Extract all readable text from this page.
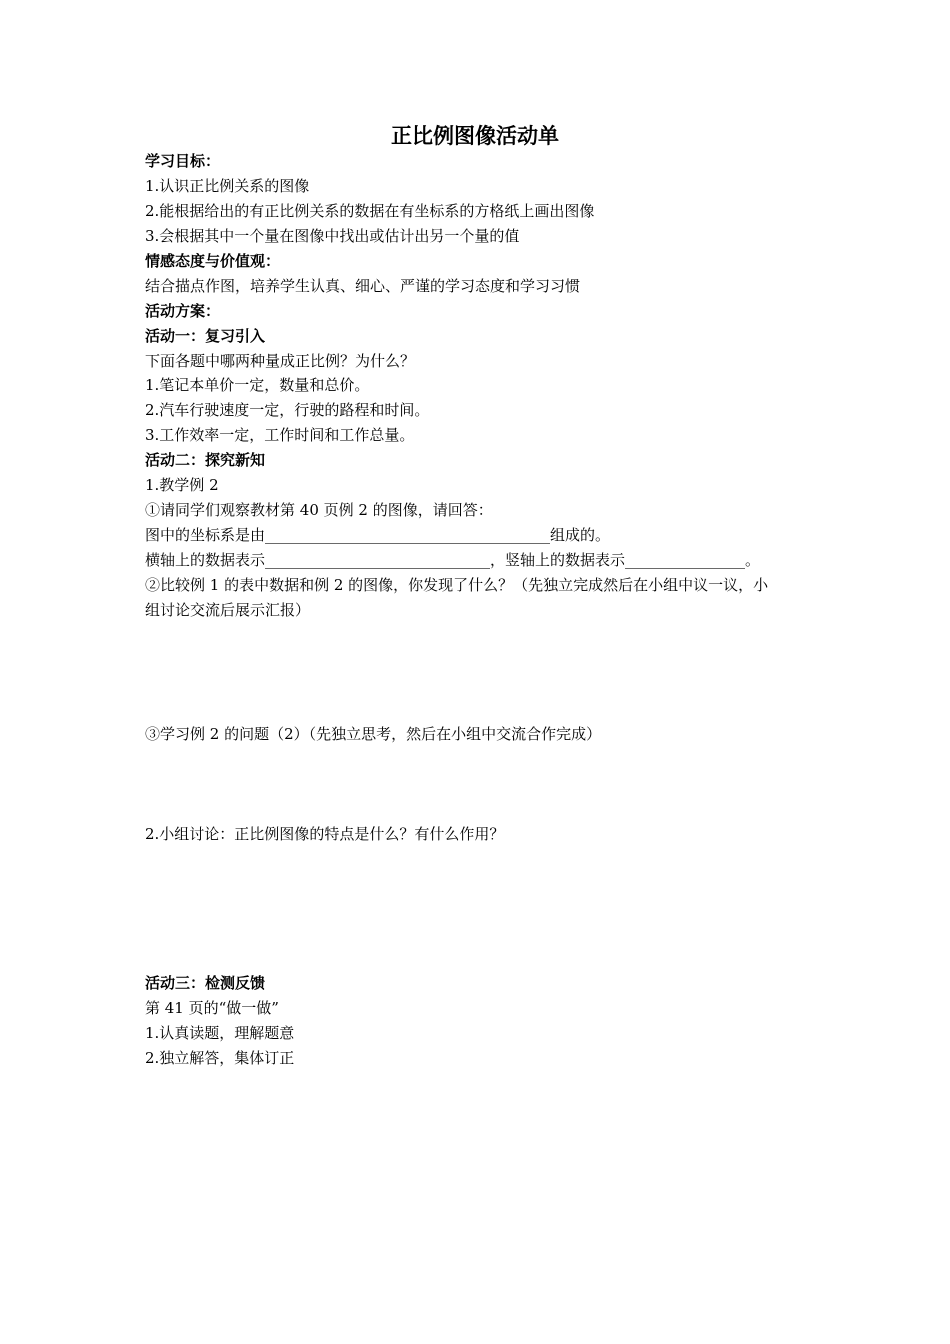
正比例图像活动单
学习目标：
1.认识正比例关系的图像
2.能根据给出的有正比例关系的数据在有坐标系的方格纸上画出图像
3.会根据其中一个量在图像中找出或估计出另一个量的值
情感态度与价值观：
结合描点作图，培养学生认真、细心、严谨的学习态度和学习习惯
活动方案：
活动一：复习引入
下面各题中哪两种量成正比例？为什么？
1.笔记本单价一定，数量和总价。
2.汽车行驶速度一定，行驶的路程和时间。
3.工作效率一定，工作时间和工作总量。
活动二：探究新知
1.教学例 2
①请同学们观察教材第 40 页例 2 的图像，请回答：
图中的坐标系是由______________________________________组成的。
横轴上的数据表示______________________________，竖轴上的数据表示________________。
②比较例 1 的表中数据和例 2 的图像，你发现了什么？（先独立完成然后在小组中议一议，小
组讨论交流后展示汇报）
③学习例 2 的问题（2）（先独立思考，然后在小组中交流合作完成）
2.小组讨论：正比例图像的特点是什么？有什么作用？
活动三：检测反馈
第 41 页的“做一做”
1.认真读题，理解题意
2.独立解答，集体订正
